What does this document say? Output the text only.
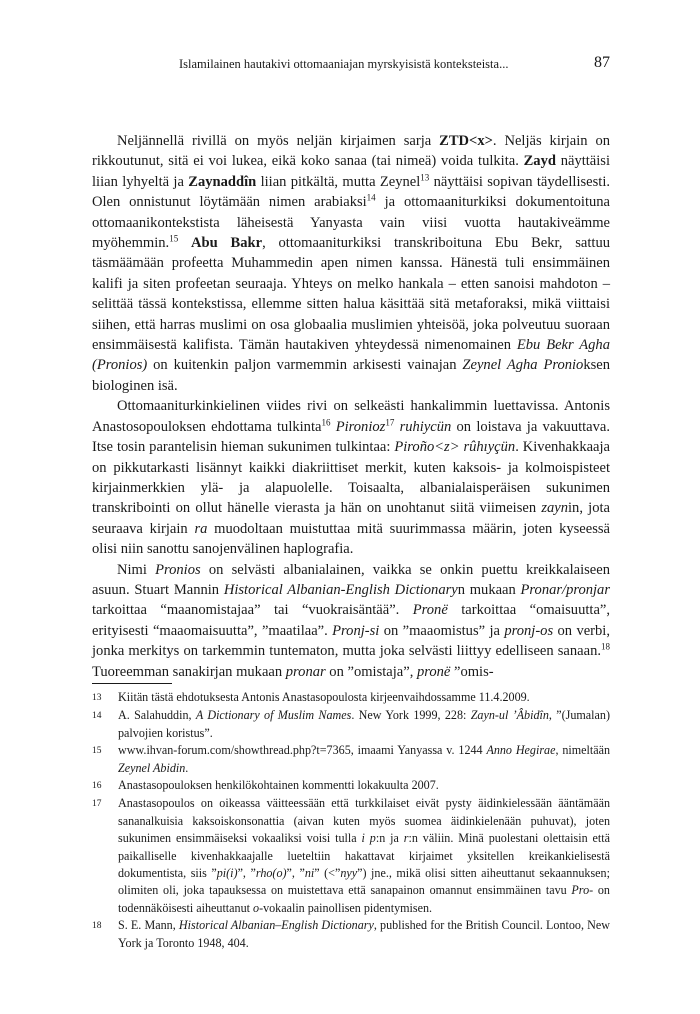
Islamilainen hautakivi ottomaaniajan myrskyisistä konteksteista...	87

Neljännellä rivillä on myös neljän kirjaimen sarja ZTD<x>. Neljäs kirjain on rikkoutunut, sitä ei voi lukea, eikä koko sanaa (tai nimeä) voida tulkita. Zayd näyttäisi liian lyhyeltä ja Zaynaddîn liian pitkältä, mutta Zeynel$^{13}$ näyttäisi sopivan täydellisesti. Olen onnistunut löytämään nimen arabiaksi$^{14}$ ja ottomaaniturkiksi dokumentoituna ottomaanikontekstista läheisestä Yanyasta vain viisi vuotta hautakiveämme myöhemmin.$^{15}$ Abu Bakr, ottomaaniturkiksi transkriboituna Ebu Bekr, sattuu täsmäämään profeetta Muhammedin apen nimen kanssa. Hänestä tuli ensimmäinen kalifi ja siten profeetan seuraaja. Yhteys on melko hankala – etten sanoisi mahdoton – selittää tässä kontekstissa, ellemme sitten halua käsittää sitä metaforaksi, mikä viittaisi siihen, että harras muslimi on osa globaalia muslimien yhteisöä, joka polveutuu suoraan ensimmäisestä kalifista. Tämän hautakiven yhteydessä nimenomainen Ebu Bekr Agha (Pronios) on kuitenkin paljon varmemmin arkisesti vainajan Zeynel Agha Pronioksen biologinen isä.

Ottomaaniturkinkielinen viides rivi on selkeästi hankalimmin luettavissa. Antonis Anastosopouloksen ehdottama tulkinta$^{16}$ Pironioz$^{17}$ ruhiycün on loistava ja vakuuttava. Itse tosin parantelisin hieman sukunimen tulkintaa: Piroño<z> rûhıyçün. Kivenhakkaaja on pikkutarkasti lisännyt kaikki diakriittiset merkit, kuten kaksois- ja kolmoispisteet kirjainmerkkien ylä- ja alapuolelle. Toisaalta, albanialaisperäisen sukunimen transkribointi on ollut hänelle vierasta ja hän on unohtanut siitä viimeisen zaynin, jota seuraava kirjain ra muodoltaan muistuttaa mitä suurimmassa määrin, joten kyseessä olisi niin sanottu sanojenvälinen haplografia.

Nimi Pronios on selvästi albanialainen, vaikka se onkin puettu kreikkalaiseen asuun. Stuart Mannin Historical Albanian-English Dictionaryn mukaan Pronar/pronjar tarkoittaa “maanomistajaa” tai “vuokraisäntää”. Pronë tarkoittaa “omaisuutta”, erityisesti “maaomaisuutta”, ”maatilaa”. Pronj-si on ”maaomistus” ja pronj-os on verbi, jonka merkitys on tarkemmin tuntematon, mutta joka selvästi liittyy edelliseen sanaan.$^{18}$ Tuoreemman sanakirjan mukaan pronar on ”omistaja”, pronë ”omis-

13	Kiitän tästä ehdotuksesta Antonis Anastasopoulosta kirjeenvaihdossamme 11.4.2009.
14	A. Salahuddin, A Dictionary of Muslim Names. New York 1999, 228: Zayn-ul ’Âbidîn, ”(Jumalan) palvojien koristus”.
15	www.ihvan-forum.com/showthread.php?t=7365, imaami Yanyassa v. 1244 Anno Hegirae, nimeltään Zeynel Abidin.
16	Anastasopouloksen henkilökohtainen kommentti lokakuulta 2007.
17	Anastasopoulos on oikeassa väitteessään että turkkilaiset eivät pysty äidinkielessään ääntämään sananalkuisia kaksoiskonsonattia (aivan kuten myös suomea äidinkielenään puhuvat), joten sukunimen ensimmäiseksi vokaaliksi voisi tulla i p:n ja r:n väliin. Minä puolestani olettaisin että paikalliselle kivenhakkaajalle lueteltiin hakattavat kirjaimet yksitellen kreikankielisestä dokumentista, siis ”pi(i)”, ”rho(o)”, ”ni” (<”nyy”) jne., mikä olisi sitten aiheuttanut sekaannuksen; olimiten oli, joka tapauksessa on muistettava että sanapainon omannut ensimmäinen tavu Pro- on todennäköisesti aiheuttanut o-vokaalin painollisen pidentymisen.
18	S. E. Mann, Historical Albanian–English Dictionary, published for the British Council. Lontoo, New York ja Toronto 1948, 404.
